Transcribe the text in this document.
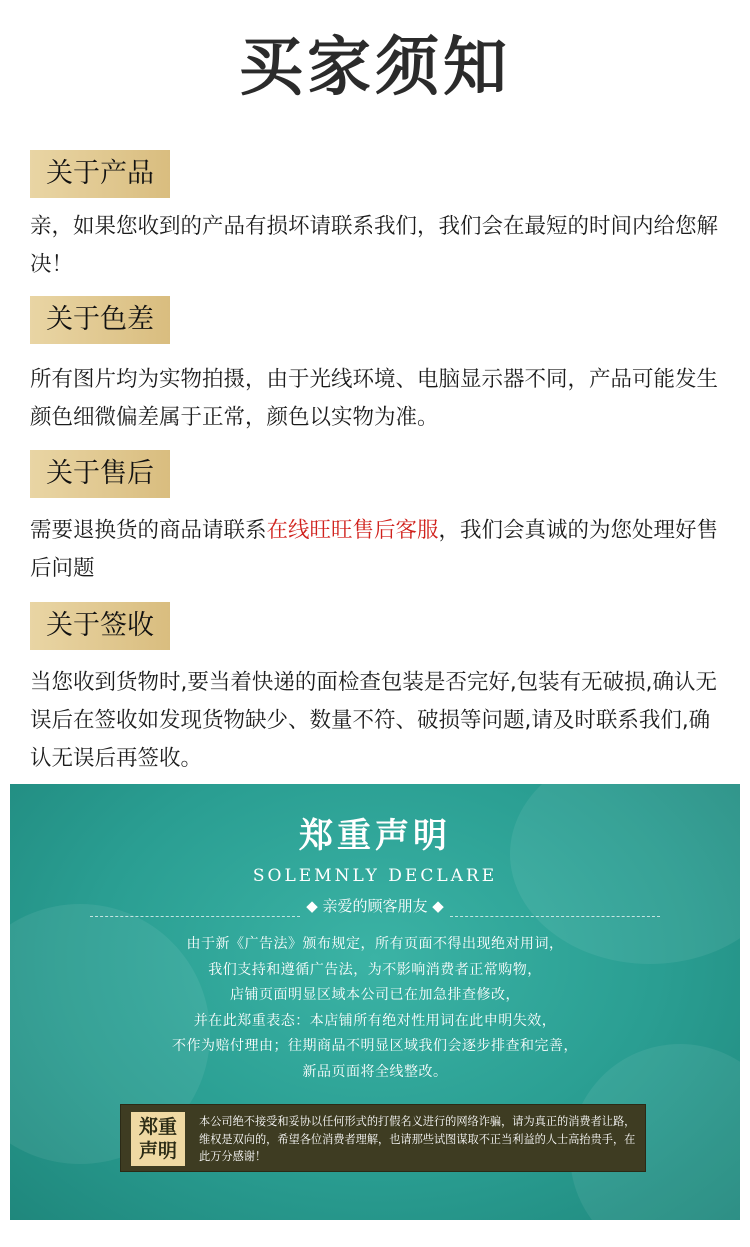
买家须知
关于产品
亲，如果您收到的产品有损坏请联系我们，我们会在最短的时间内给您解决！
关于色差
所有图片均为实物拍摄，由于光线环境、电脑显示器不同，产品可能发生颜色细微偏差属于正常，颜色以实物为准。
关于售后
需要退换货的商品请联系在线旺旺售后客服，我们会真诚的为您处理好售后问题
关于签收
当您收到货物时,要当着快递的面检查包装是否完好,包装有无破损,确认无误后在签收如发现货物缺少、数量不符、破损等问题,请及时联系我们,确认无误后再签收。
郑重声明
SOLEMNLY DECLARE
◆ 亲爱的顾客朋友 ◆
由于新《广告法》颁布规定，所有页面不得出现绝对用词，
我们支持和遵循广告法，为不影响消费者正常购物，
店铺页面明显区域本公司已在加急排查修改，
并在此郑重表态：本店铺所有绝对性用词在此申明失效，
不作为赔付理由；往期商品不明显区域我们会逐步排查和完善，
新品页面将全线整改。
郑重
声明
本公司绝不接受和妥协以任何形式的打假名义进行的网络诈骗，请为真正的消费者让路，维权是双向的，希望各位消费者理解，也请那些试图谋取不正当利益的人士高抬贵手，在此万分感谢！
